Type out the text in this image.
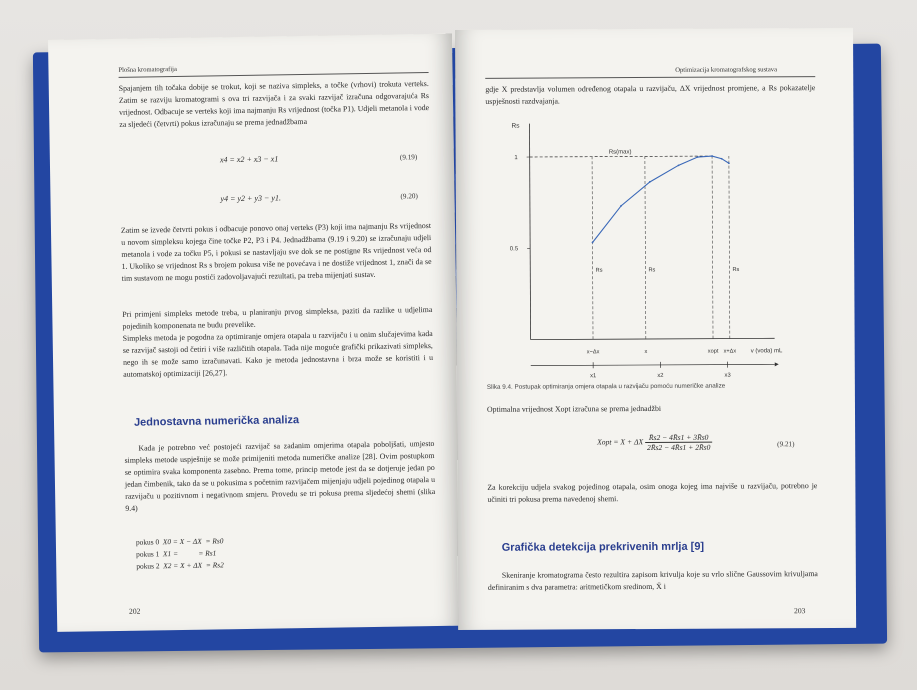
Plošna kromatografija

Spajanjem tih točaka dobije se trokut, koji se naziva simpleks, a točke (vrhovi) trokuta verteks. Zatim se razviju kromatogrami s ova tri razvijača i za svaki razvijač izračuna odgovarajuća Rs vrijednost. Odbacuje se verteks koji ima najmanju Rs vrijednost (točka P1). Udjeli metanola i vode za sljedeći (četvrti) pokus izračunaju se prema jednadžbama

x4 = x2 + x3 − x1	(9.19)
y4 = y2 + y3 − y1.	(9.20)

Zatim se izvede četvrti pokus i odbacuje ponovo onaj verteks (P3) koji ima najmanju Rs vrijednost u novom simpleksu kojega čine točke P2, P3 i P4. Jednadžbama (9.19 i 9.20) se izračunaju udjeli metanola i vode za točku P5, i pokusi se nastavljaju sve dok se ne postigne Rs vrijednost veća od 1. Ukoliko se vrijednost Rs s brojem pokusa više ne povećava i ne dostiže vrijednost 1, znači da se tim sustavom ne mogu postići zadovoljavajući rezultati, pa treba mijenjati sustav.

Pri primjeni simpleks metode treba, u planiranju prvog simpleksa, paziti da razlike u udjelima pojedinih komponenata ne budu prevelike.

Simpleks metoda je pogodna za optimiranje omjera otapala u razvijaču i u onim slučajevima kada se razvijač sastoji od četiri i više različitih otapala. Tada nije moguće grafički prikazivati simpleks, nego ih se može samo izračunavati. Kako je metoda jednostavna i brza može se koristiti i u automatskoj optimizaciji [26,27].

Jednostavna numerička analiza

Kada je potrebno već postojeći razvijač sa zadanim omjerima otapala poboljšati, umjesto simpleks metode uspješnije se može primijeniti metoda numeričke analize [28]. Ovim postupkom se optimira svaka komponenta zasebno. Prema tome, princip metode jest da se dotjeruje jedan po jedan čimbenik, tako da se u pokusima s početnim razvijačem mijenjaju udjeli pojedinog otapala u razvijaču u pozitivnom i negativnom smjeru. Provedu se tri pokusa prema sljedećoj shemi (slika 9.4)

pokus 0 X0 = X − ΔX = Rs0
pokus 1 X1 =	= Rs1
pokus 2 X2 = X + ΔX = Rs2
202
Optimizacija kromatografskog sustava

gdje X predstavlja volumen određenog otapala u razvijaču, ΔX vrijednost promjene, a Rs pokazatelje uspješnosti razdvajanja.

Rs
v (voda) mL
1
0.5
Rs(max)
x−Δx	x	xopt x+Δx
Rs	Rs	Rs
x1	x2	x3
Slika 9.4. Postupak optimiranja omjera otapala u razvijaču pomoću numeričke analize

Optimalna vrijednost Xopt izračuna se prema jednadžbi

Xopt = X + ΔX $\frac{R̄s2 - 4R̄s1 + 3R̄s0}{2R̄s2 - 4R̄s1 + 2R̄s0}$	(9.21)

Za korekciju udjela svakog pojedinog otapala, osim onoga kojeg ima najviše u razvijaču, potrebno je učiniti tri pokusa prema navedenoj shemi.

Grafička detekcija prekrivenih mrlja [9]

Skeniranje kromatograma često rezultira zapisom krivulja koje su vrlo slične Gaussovim krivuljama definiranim s dva parametra: aritmetičkom sredinom, X̄ i

203
